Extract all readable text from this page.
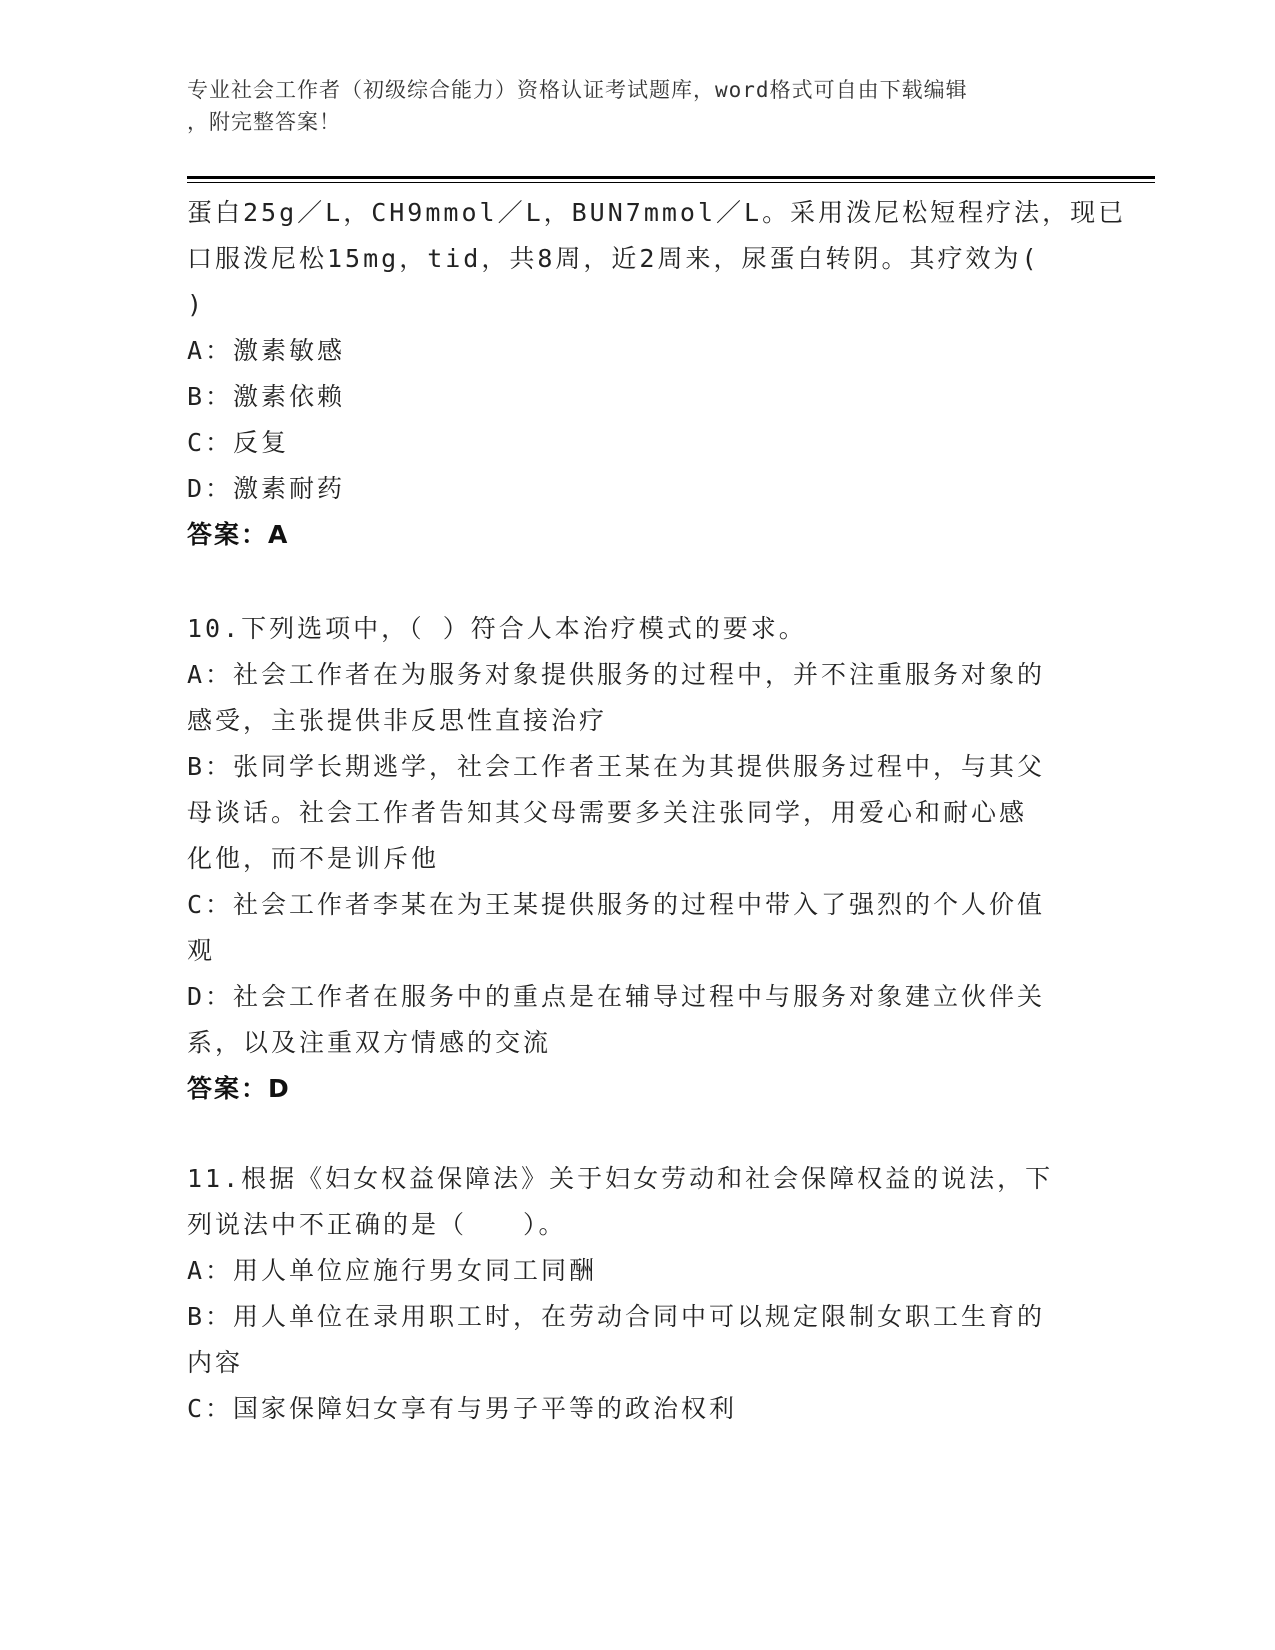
专业社会工作者（初级综合能力）资格认证考试题库，word格式可自由下载编辑
，附完整答案！
蛋白25g／L，CH9mmol／L，BUN7mmol／L。采用泼尼松短程疗法，现已
口服泼尼松15mg，tid，共8周，近2周来，尿蛋白转阴。其疗效为(
)
A：激素敏感
B：激素依赖
C：反复
D：激素耐药
答案：A
10.下列选项中，（ ）符合人本治疗模式的要求。
A：社会工作者在为服务对象提供服务的过程中，并不注重服务对象的
感受，主张提供非反思性直接治疗
B：张同学长期逃学，社会工作者王某在为其提供服务过程中，与其父
母谈话。社会工作者告知其父母需要多关注张同学，用爱心和耐心感
化他，而不是训斥他
C：社会工作者李某在为王某提供服务的过程中带入了强烈的个人价值
观
D：社会工作者在服务中的重点是在辅导过程中与服务对象建立伙伴关
系，以及注重双方情感的交流
答案：D
11.根据《妇女权益保障法》关于妇女劳动和社会保障权益的说法，下
列说法中不正确的是（　　）。
A：用人单位应施行男女同工同酬
B：用人单位在录用职工时，在劳动合同中可以规定限制女职工生育的
内容
C：国家保障妇女享有与男子平等的政治权利
